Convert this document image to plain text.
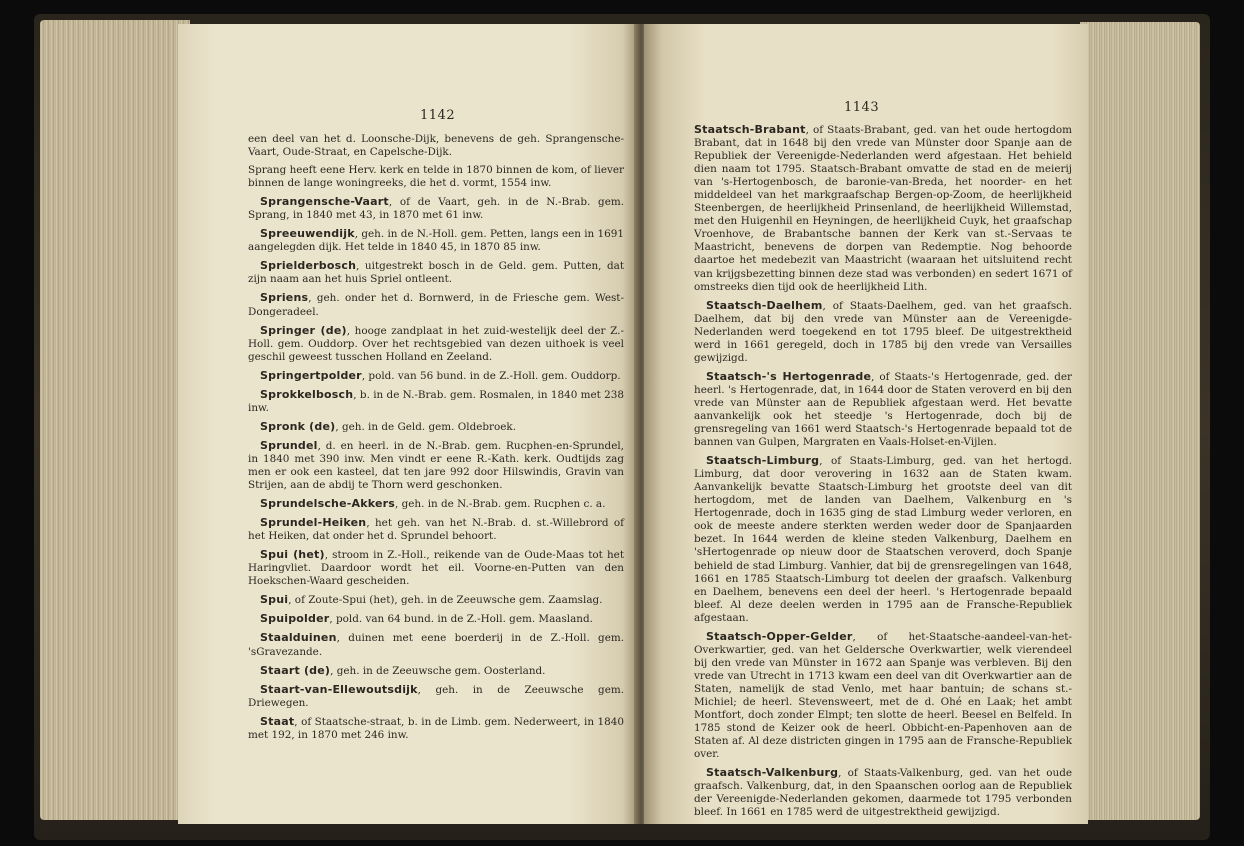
1142

een deel van het d. Loonsche-Dijk, benevens de geh. Sprangensche-Vaart, Oude-Straat, en Capelsche-Dijk.

Sprang heeft eene Herv. kerk en telde in 1870 binnen de kom, of liever binnen de lange woningreeks, die het d. vormt, 1554 inw.

Sprangensche-Vaart, of de Vaart, geh. in de N.-Brab. gem. Sprang, in 1840 met 43, in 1870 met 61 inw.

Spreeuwendijk, geh. in de N.-Holl. gem. Petten, langs een in 1691 aangelegden dijk. Het telde in 1840 45, in 1870 85 inw.

Sprielderbosch, uitgestrekt bosch in de Geld. gem. Putten, dat zijn naam aan het huis Spriel ontleent.

Spriens, geh. onder het d. Bornwerd, in de Friesche gem. West-Dongeradeel.

Springer (de), hooge zandplaat in het zuid-westelijk deel der Z.-Holl. gem. Ouddorp. Over het rechtsgebied van dezen uithoek is veel geschil geweest tusschen Holland en Zeeland.

Springertpolder, pold. van 56 bund. in de Z.-Holl. gem. Ouddorp.

Sprokkelbosch, b. in de N.-Brab. gem. Rosmalen, in 1840 met 238 inw.

Spronk (de), geh. in de Geld. gem. Oldebroek.

Sprundel, d. en heerl. in de N.-Brab. gem. Rucphen-en-Sprundel, in 1840 met 390 inw. Men vindt er eene R.-Kath. kerk. Oudtijds zag men er ook een kasteel, dat ten jare 992 door Hilswindis, Gravin van Strijen, aan de abdij te Thorn werd geschonken.

Sprundelsche-Akkers, geh. in de N.-Brab. gem. Rucphen c. a.

Sprundel-Heiken, het geh. van het N.-Brab. d. st.-Willebrord of het Heiken, dat onder het d. Sprundel behoort.

Spui (het), stroom in Z.-Holl., reikende van de Oude-Maas tot het Haringvliet. Daardoor wordt het eil. Voorne-en-Putten van den Hoekschen-Waard gescheiden.

Spui, of Zoute-Spui (het), geh. in de Zeeuwsche gem. Zaamslag.

Spuipolder, pold. van 64 bund. in de Z.-Holl. gem. Maasland.

Staalduinen, duinen met eene boerderij in de Z.-Holl. gem. 'sGravezande.

Staart (de), geh. in de Zeeuwsche gem. Oosterland.

Staart-van-Ellewoutsdijk, geh. in de Zeeuwsche gem. Driewegen.

Staat, of Staatsche-straat, b. in de Limb. gem. Nederweert, in 1840 met 192, in 1870 met 246 inw.

1143

Staatsch-Brabant, of Staats-Brabant, ged. van het oude hertogdom Brabant, dat in 1648 bij den vrede van Münster door Spanje aan de Republiek der Vereenigde-Nederlanden werd afgestaan. Het behield dien naam tot 1795. Staatsch-Brabant omvatte de stad en de meierij van 's-Hertogenbosch, de baronie-van-Breda, het noorder- en het middeldeel van het markgraafschap Bergen-op-Zoom, de heerlijkheid Steenbergen, de heerlijkheid Prinsenland, de heerlijkheid Willemstad, met den Huigenhil en Heyningen, de heerlijkheid Cuyk, het graafschap Vroenhove, de Brabantsche bannen der Kerk van st.-Servaas te Maastricht, benevens de dorpen van Redemptie. Nog behoorde daartoe het medebezit van Maastricht (waaraan het uitsluitend recht van krijgsbezetting binnen deze stad was verbonden) en sedert 1671 of omstreeks dien tijd ook de heerlijkheid Lith.

Staatsch-Daelhem, of Staats-Daelhem, ged. van het graafsch. Daelhem, dat bij den vrede van Münster aan de Vereenigde-Nederlanden werd toegekend en tot 1795 bleef. De uitgestrektheid werd in 1661 geregeld, doch in 1785 bij den vrede van Versailles gewijzigd.

Staatsch-'s Hertogenrade, of Staats-'s Hertogenrade, ged. der heerl. 's Hertogenrade, dat, in 1644 door de Staten veroverd en bij den vrede van Münster aan de Republiek afgestaan werd. Het bevatte aanvankelijk ook het steedje 's Hertogenrade, doch bij de grensregeling van 1661 werd Staatsch-'s Hertogenrade bepaald tot de bannen van Gulpen, Margraten en Vaals-Holset-en-Vijlen.

Staatsch-Limburg, of Staats-Limburg, ged. van het hertogd. Limburg, dat door verovering in 1632 aan de Staten kwam. Aanvankelijk bevatte Staatsch-Limburg het grootste deel van dit hertogdom, met de landen van Daelhem, Valkenburg en 's Hertogenrade, doch in 1635 ging de stad Limburg weder verloren, en ook de meeste andere sterkten werden weder door de Spanjaarden bezet. In 1644 werden de kleine steden Valkenburg, Daelhem en 'sHertogenrade op nieuw door de Staatschen veroverd, doch Spanje behield de stad Limburg. Vanhier, dat bij de grensregelingen van 1648, 1661 en 1785 Staatsch-Limburg tot deelen der graafsch. Valkenburg en Daelhem, benevens een deel der heerl. 's Hertogenrade bepaald bleef. Al deze deelen werden in 1795 aan de Fransche-Republiek afgestaan.

Staatsch-Opper-Gelder, of het-Staatsche-aandeel-van-het-Overkwartier, ged. van het Geldersche Overkwartier, welk vierendeel bij den vrede van Münster in 1672 aan Spanje was verbleven. Bij den vrede van Utrecht in 1713 kwam een deel van dit Overkwartier aan de Staten, namelijk de stad Venlo, met haar bantuin; de schans st.-Michiel; de heerl. Stevensweert, met de d. Ohé en Laak; het ambt Montfort, doch zonder Elmpt; ten slotte de heerl. Beesel en Belfeld. In 1785 stond de Keizer ook de heerl. Obbicht-en-Papenhoven aan de Staten af. Al deze districten gingen in 1795 aan de Fransche-Republiek over.

Staatsch-Valkenburg, of Staats-Valkenburg, ged. van het oude graafsch. Valkenburg, dat, in den Spaanschen oorlog aan de Republiek der Vereenigde-Nederlanden gekomen, daarmede tot 1795 verbonden bleef. In 1661 en 1785 werd de uitgestrektheid gewijzigd.
